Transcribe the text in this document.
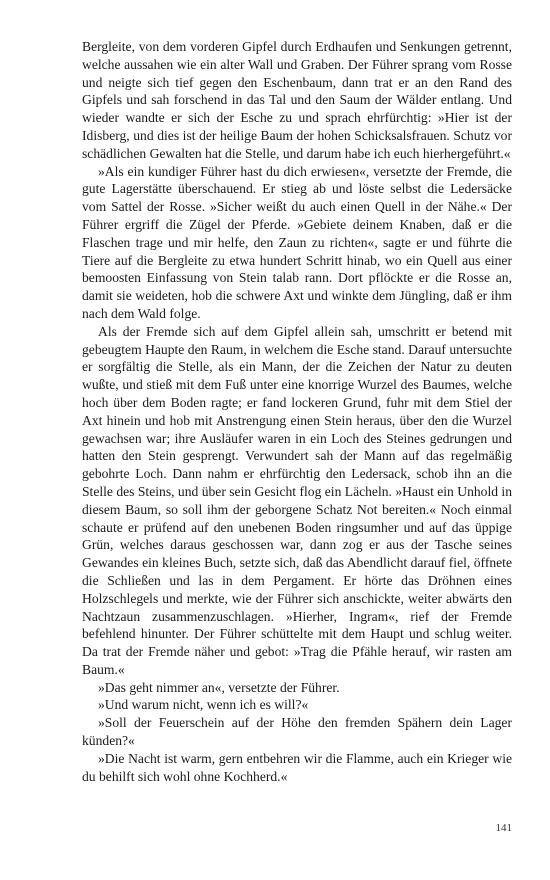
Bergleite, von dem vorderen Gipfel durch Erdhaufen und Senkungen getrennt, welche aussahen wie ein alter Wall und Graben. Der Führer sprang vom Rosse und neigte sich tief gegen den Eschenbaum, dann trat er an den Rand des Gipfels und sah forschend in das Tal und den Saum der Wälder entlang. Und wieder wandte er sich der Esche zu und sprach ehrfürchtig: »Hier ist der Idisberg, und dies ist der heilige Baum der hohen Schicksalsfrauen. Schutz vor schädlichen Gewalten hat die Stelle, und darum habe ich euch hierhergeführt.«

»Als ein kundiger Führer hast du dich erwiesen«, versetzte der Fremde, die gute Lagerstätte überschauend. Er stieg ab und löste selbst die Ledersäcke vom Sattel der Rosse. »Sicher weißt du auch einen Quell in der Nähe.« Der Führer ergriff die Zügel der Pferde. »Gebiete deinem Knaben, daß er die Flaschen trage und mir helfe, den Zaun zu richten«, sagte er und führte die Tiere auf die Bergleite zu etwa hundert Schritt hinab, wo ein Quell aus einer bemoosten Einfassung von Stein talab rann. Dort pflöckte er die Rosse an, damit sie weideten, hob die schwere Axt und winkte dem Jüngling, daß er ihm nach dem Wald folge.

Als der Fremde sich auf dem Gipfel allein sah, umschritt er betend mit gebeugtem Haupte den Raum, in welchem die Esche stand. Darauf untersuchte er sorgfältig die Stelle, als ein Mann, der die Zeichen der Natur zu deuten wußte, und stieß mit dem Fuß unter eine knorrige Wurzel des Baumes, welche hoch über dem Boden ragte; er fand lockeren Grund, fuhr mit dem Stiel der Axt hinein und hob mit Anstrengung einen Stein heraus, über den die Wurzel gewachsen war; ihre Ausläufer waren in ein Loch des Steines gedrungen und hatten den Stein gesprengt. Verwundert sah der Mann auf das regelmäßig gebohrte Loch. Dann nahm er ehrfürchtig den Ledersack, schob ihn an die Stelle des Steins, und über sein Gesicht flog ein Lächeln. »Haust ein Unhold in diesem Baum, so soll ihm der geborgene Schatz Not bereiten.« Noch einmal schaute er prüfend auf den unebenen Boden ringsumher und auf das üppige Grün, welches daraus geschossen war, dann zog er aus der Tasche seines Gewandes ein kleines Buch, setzte sich, daß das Abendlicht darauf fiel, öffnete die Schließen und las in dem Pergament. Er hörte das Dröhnen eines Holzschlegels und merkte, wie der Führer sich anschickte, weiter abwärts den Nachtzaun zusammenzuschlagen. »Hierher, Ingram«, rief der Fremde befehlend hinunter. Der Führer schüttelte mit dem Haupt und schlug weiter. Da trat der Fremde näher und gebot: »Trag die Pfähle herauf, wir rasten am Baum.«

»Das geht nimmer an«, versetzte der Führer.

»Und warum nicht, wenn ich es will?«

»Soll der Feuerschein auf der Höhe den fremden Spähern dein Lager künden?«

»Die Nacht ist warm, gern entbehren wir die Flamme, auch ein Krieger wie du behilft sich wohl ohne Kochherd.«

141
